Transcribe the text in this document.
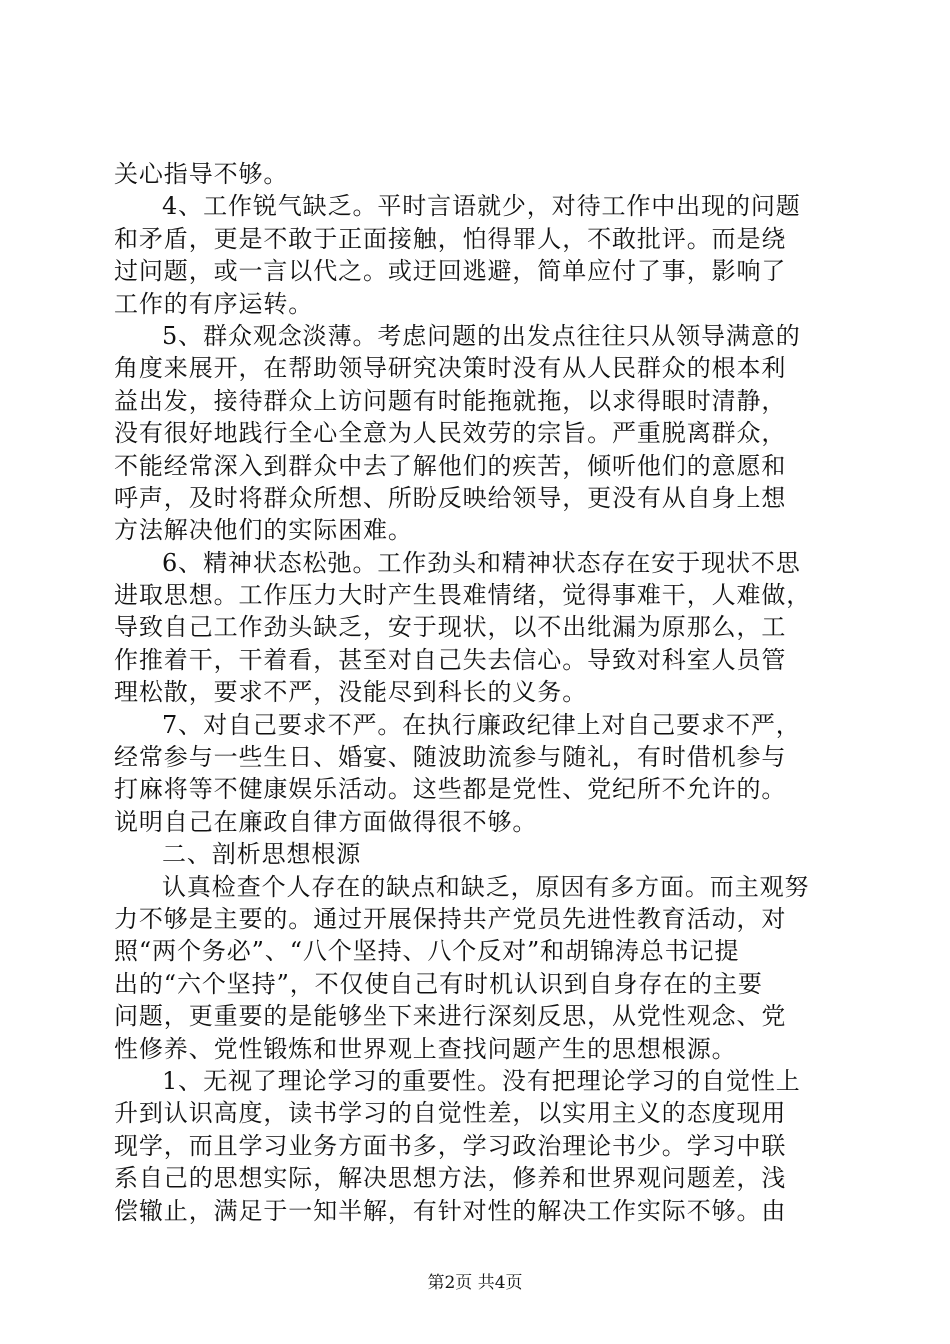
关心指导不够。
4、工作锐气缺乏。平时言语就少，对待工作中出现的问题
和矛盾，更是不敢于正面接触，怕得罪人，不敢批评。而是绕
过问题，或一言以代之。或迂回逃避，简单应付了事，影响了
工作的有序运转。
5、群众观念淡薄。考虑问题的出发点往往只从领导满意的
角度来展开，在帮助领导研究决策时没有从人民群众的根本利
益出发，接待群众上访问题有时能拖就拖，以求得眼时清静，
没有很好地践行全心全意为人民效劳的宗旨。严重脱离群众，
不能经常深入到群众中去了解他们的疾苦，倾听他们的意愿和
呼声，及时将群众所想、所盼反映给领导，更没有从自身上想
方法解决他们的实际困难。
6、精神状态松弛。工作劲头和精神状态存在安于现状不思
进取思想。工作压力大时产生畏难情绪，觉得事难干，人难做，
导致自己工作劲头缺乏，安于现状，以不出纰漏为原那么，工
作推着干，干着看，甚至对自己失去信心。导致对科室人员管
理松散，要求不严，没能尽到科长的义务。
7、对自己要求不严。在执行廉政纪律上对自己要求不严，
经常参与一些生日、婚宴、随波助流参与随礼，有时借机参与
打麻将等不健康娱乐活动。这些都是党性、党纪所不允许的。
说明自己在廉政自律方面做得很不够。
二、剖析思想根源
认真检查个人存在的缺点和缺乏，原因有多方面。而主观努
力不够是主要的。通过开展保持共产党员先进性教育活动，对
照“两个务必”、“八个坚持、八个反对”和胡锦涛总书记提
出的“六个坚持”，不仅使自己有时机认识到自身存在的主要
问题，更重要的是能够坐下来进行深刻反思，从党性观念、党
性修养、党性锻炼和世界观上查找问题产生的思想根源。
1、无视了理论学习的重要性。没有把理论学习的自觉性上
升到认识高度，读书学习的自觉性差，以实用主义的态度现用
现学，而且学习业务方面书多，学习政治理论书少。学习中联
系自己的思想实际，解决思想方法，修养和世界观问题差，浅
偿辙止，满足于一知半解，有针对性的解决工作实际不够。由
第2页 共4页
